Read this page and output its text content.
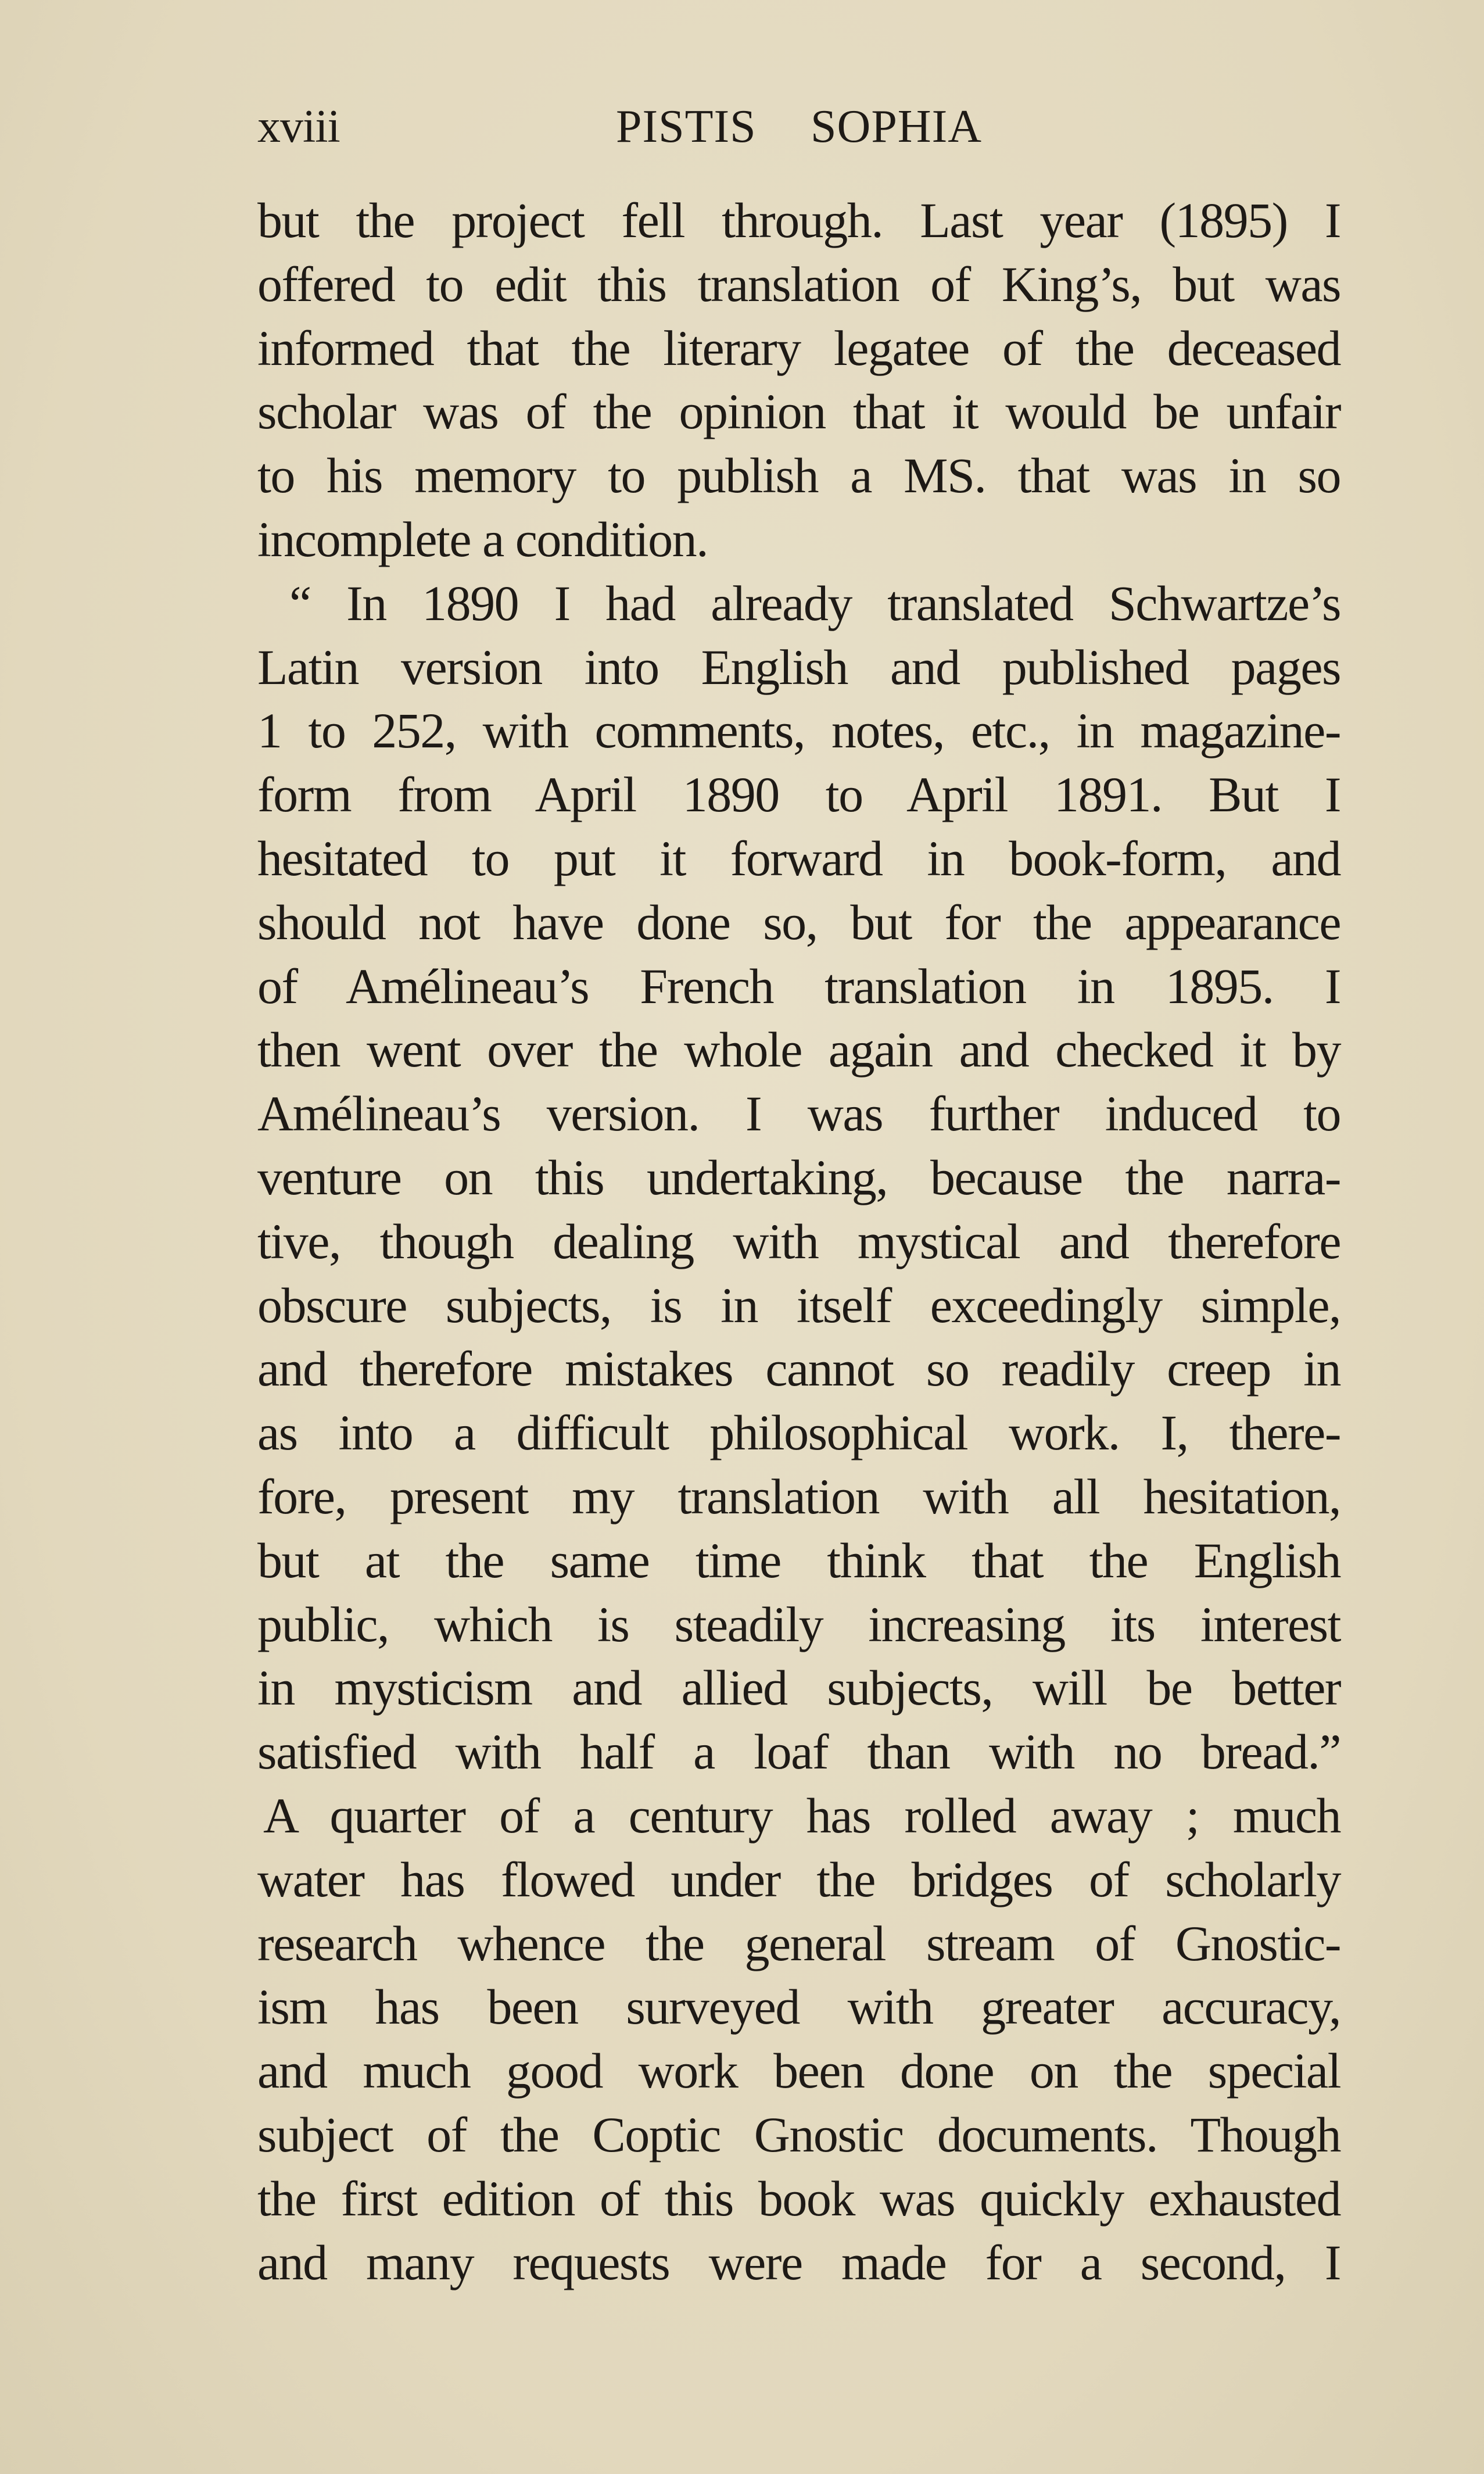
xviii	PISTIS SOPHIA
but the project fell through. Last year (1895) I
offered to edit this translation of King’s, but was
informed that the literary legatee of the deceased
scholar was of the opinion that it would be unfair
to his memory to publish a MS. that was in so
incomplete a condition.
“ In 1890 I had already translated Schwartze’s
Latin version into English and published pages
1 to 252, with comments, notes, etc., in magazine-
form from April 1890 to April 1891. But I
hesitated to put it forward in book-form, and
should not have done so, but for the appearance
of Amélineau’s French translation in 1895. I
then went over the whole again and checked it by
Amélineau’s version. I was further induced to
venture on this undertaking, because the narra-
tive, though dealing with mystical and therefore
obscure subjects, is in itself exceedingly simple,
and therefore mistakes cannot so readily creep in
as into a difficult philosophical work. I, there-
fore, present my translation with all hesitation,
but at the same time think that the English
public, which is steadily increasing its interest
in mysticism and allied subjects, will be better
satisfied with half a loaf than with no bread.”
A quarter of a century has rolled away ; much
water has flowed under the bridges of scholarly
research whence the general stream of Gnostic-
ism has been surveyed with greater accuracy,
and much good work been done on the special
subject of the Coptic Gnostic documents. Though
the first edition of this book was quickly exhausted
and many requests were made for a second, I
